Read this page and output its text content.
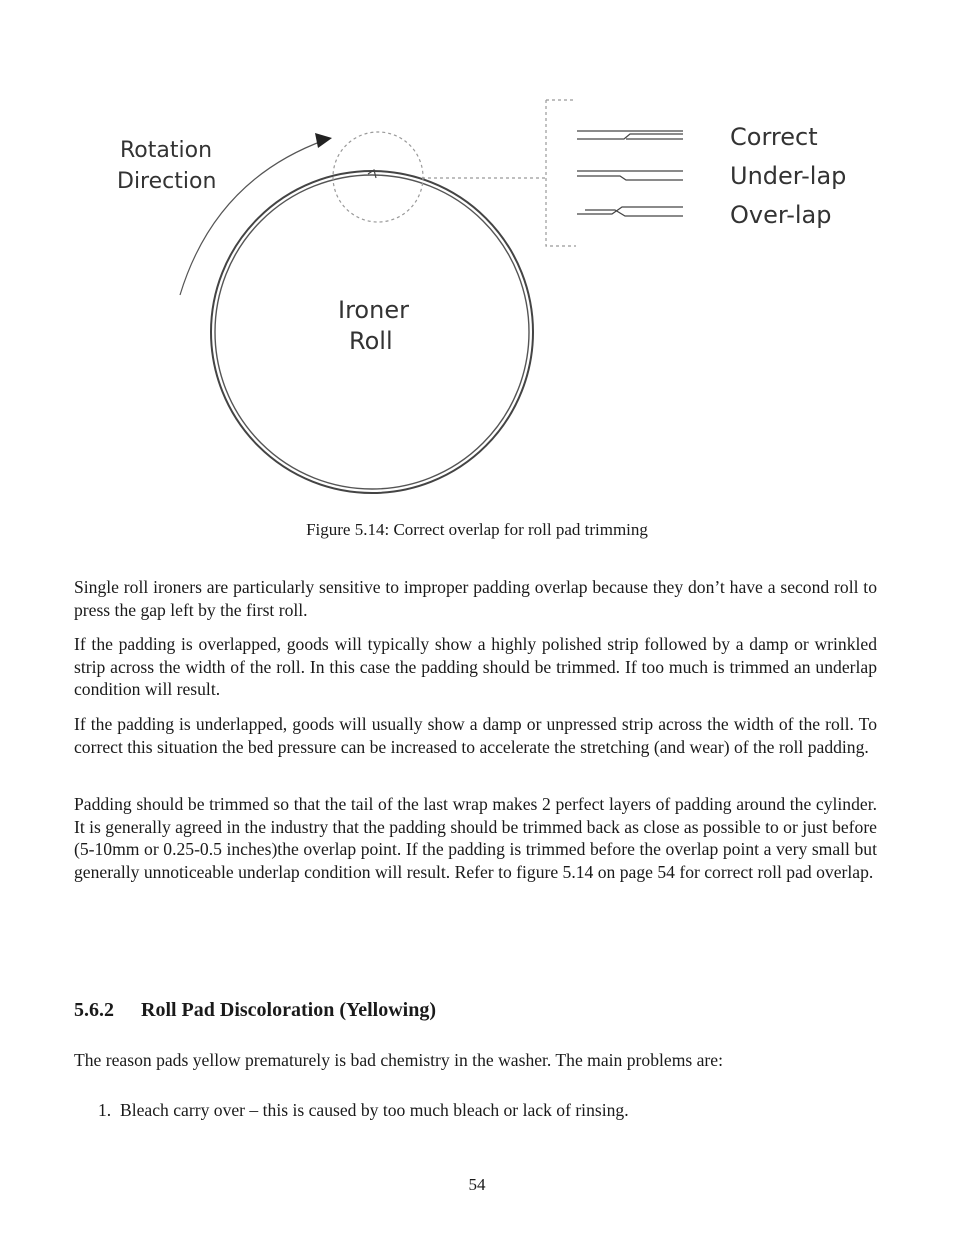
Rotation
Direction
Ironer
Roll
Correct
Under-lap
Over-lap
Figure 5.14: Correct overlap for roll pad trimming

Single roll ironers are particularly sensitive to improper padding overlap because they don’t have a second roll to press the gap left by the first roll.

If the padding is overlapped, goods will typically show a highly polished strip followed by a damp or wrinkled strip across the width of the roll. In this case the padding should be trimmed. If too much is trimmed an underlap condition will result.

If the padding is underlapped, goods will usually show a damp or unpressed strip across the width of the roll. To correct this situation the bed pressure can be increased to accelerate the stretching (and wear) of the roll padding.

Padding should be trimmed so that the tail of the last wrap makes 2 perfect layers of padding around the cylinder. It is generally agreed in the industry that the padding should be trimmed back as close as possible to or just before (5-10mm or 0.25-0.5 inches)the overlap point. If the padding is trimmed before the overlap point a very small but generally unnoticeable underlap condition will result. Refer to figure 5.14 on page 54 for correct roll pad overlap.

5.6.2 Roll Pad Discoloration (Yellowing)

The reason pads yellow prematurely is bad chemistry in the washer. The main problems are:

1. Bleach carry over – this is caused by too much bleach or lack of rinsing.
54
